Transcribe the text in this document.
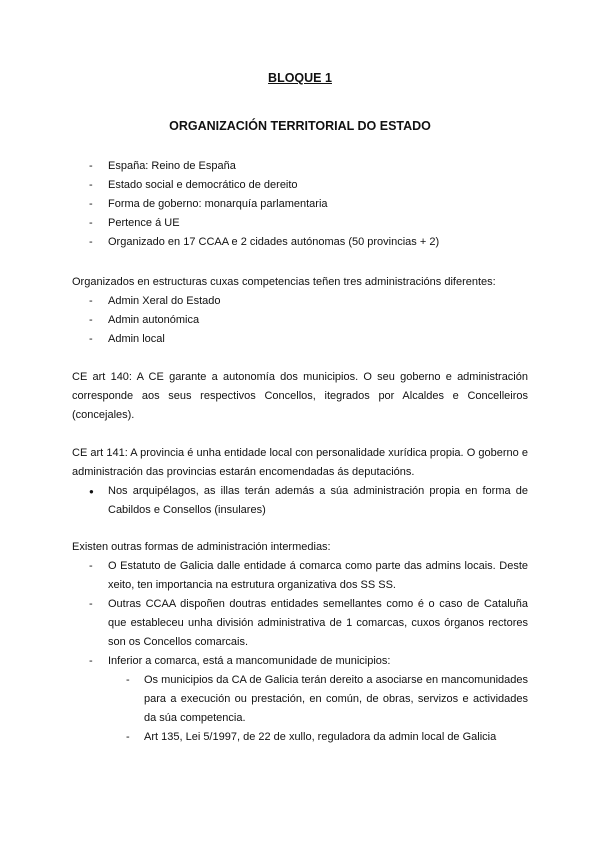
BLOQUE 1
ORGANIZACIÓN TERRITORIAL DO ESTADO
- España: Reino de España
- Estado social e democrático de dereito
- Forma de goberno: monarquía parlamentaria
- Pertence á UE
- Organizado en 17 CCAA e 2 cidades autónomas (50 provincias + 2)

Organizados en estructuras cuxas competencias teñen tres administracións diferentes:

- Admin Xeral do Estado
- Admin autonómica
- Admin local

CE art 140: A CE garante a autonomía dos municipios. O seu goberno e administración corresponde aos seus respectivos Concellos, itegrados por Alcaldes e Concelleiros (concejales).

CE art 141: A provincia é unha entidade local con personalidade xurídica propia. O goberno e administración das provincias estarán encomendadas ás deputacións.

● Nos arquipélagos, as illas terán además a súa administración propia en forma de Cabildos e Consellos (insulares)

Existen outras formas de administración intermedias:

- O Estatuto de Galicia dalle entidade á comarca como parte das admins locais. Deste xeito, ten importancia na estrutura organizativa dos SS SS.
- Outras CCAA dispoñen doutras entidades semellantes como é o caso de Cataluña que estableceu unha división administrativa de 1 comarcas, cuxos órganos rectores son os Concellos comarcais.
- Inferior a comarca, está a mancomunidade de municipios:
- Os municipios da CA de Galicia terán dereito a asociarse en mancomunidades para a execución ou prestación, en común, de obras, servizos e actividades da súa competencia.
- Art 135, Lei 5/1997, de 22 de xullo, reguladora da admin local de Galicia
